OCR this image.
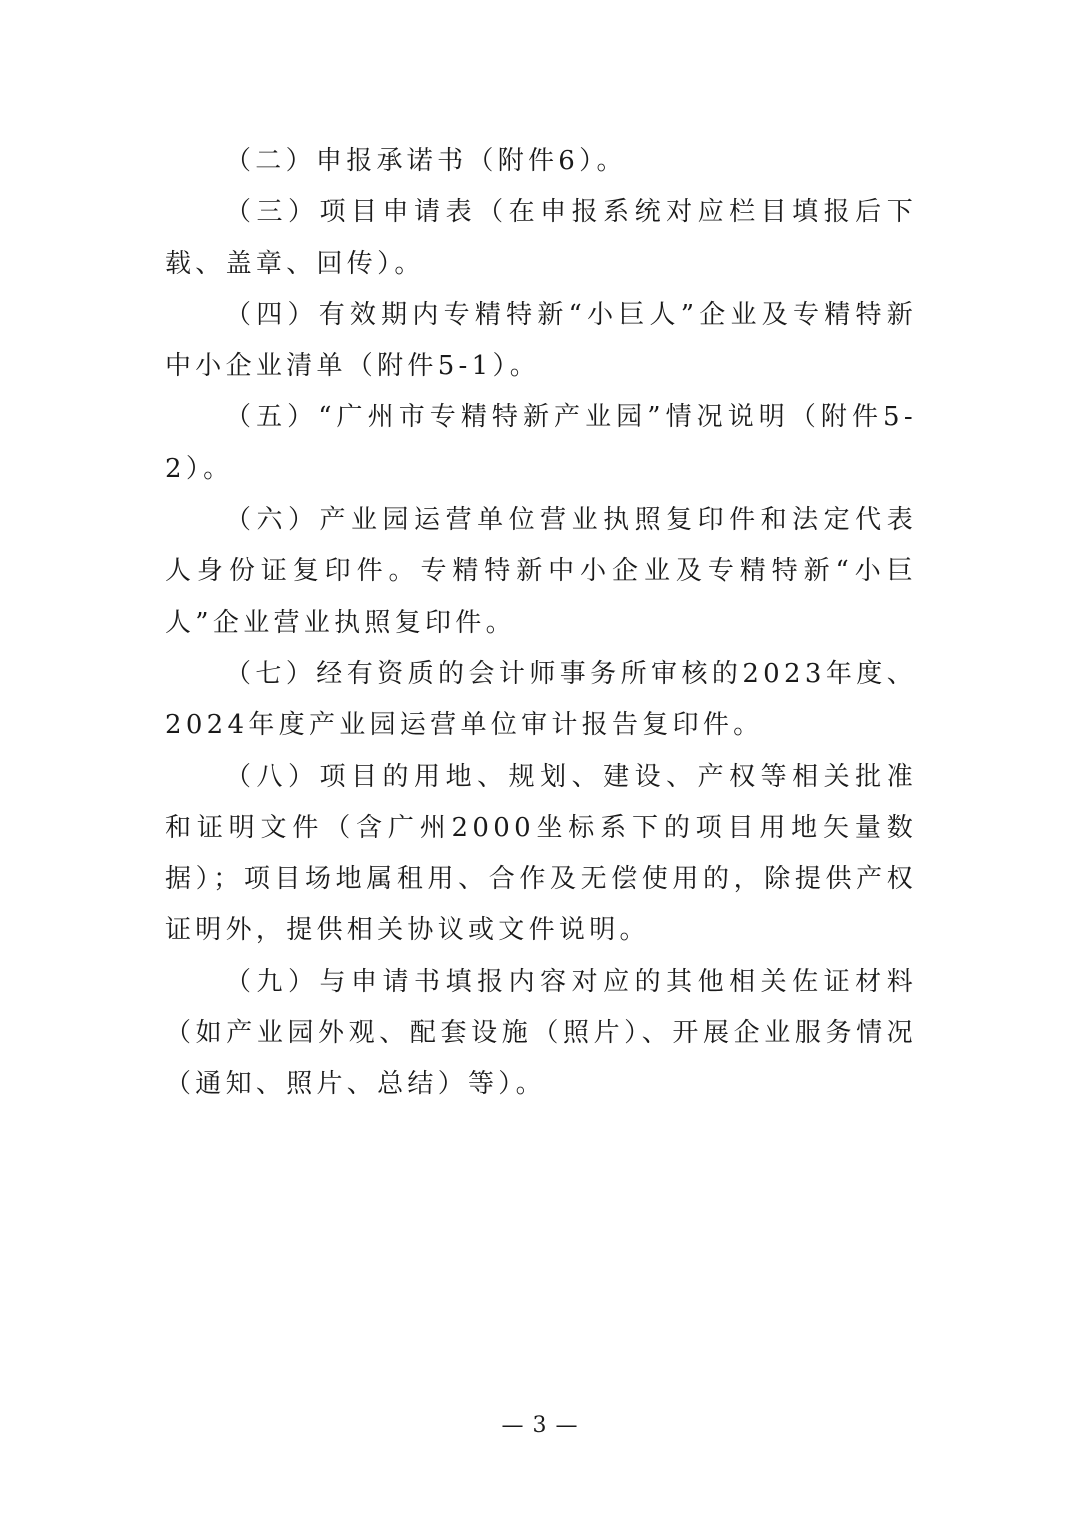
（二）申报承诺书（附件6）。

（三）项目申请表（在申报系统对应栏目填报后下载、盖章、回传）。

（四）有效期内专精特新“小巨人”企业及专精特新中小企业清单（附件5-1）。

（五）“广州市专精特新产业园”情况说明（附件5-2）。

（六）产业园运营单位营业执照复印件和法定代表人身份证复印件。专精特新中小企业及专精特新“小巨人”企业营业执照复印件。

（七）经有资质的会计师事务所审核的2023年度、2024年度产业园运营单位审计报告复印件。

（八）项目的用地、规划、建设、产权等相关批准和证明文件（含广州2000坐标系下的项目用地矢量数据）；项目场地属租用、合作及无偿使用的，除提供产权证明外，提供相关协议或文件说明。

（九）与申请书填报内容对应的其他相关佐证材料（如产业园外观、配套设施（照片）、开展企业服务情况（通知、照片、总结）等）。

— 3 —
